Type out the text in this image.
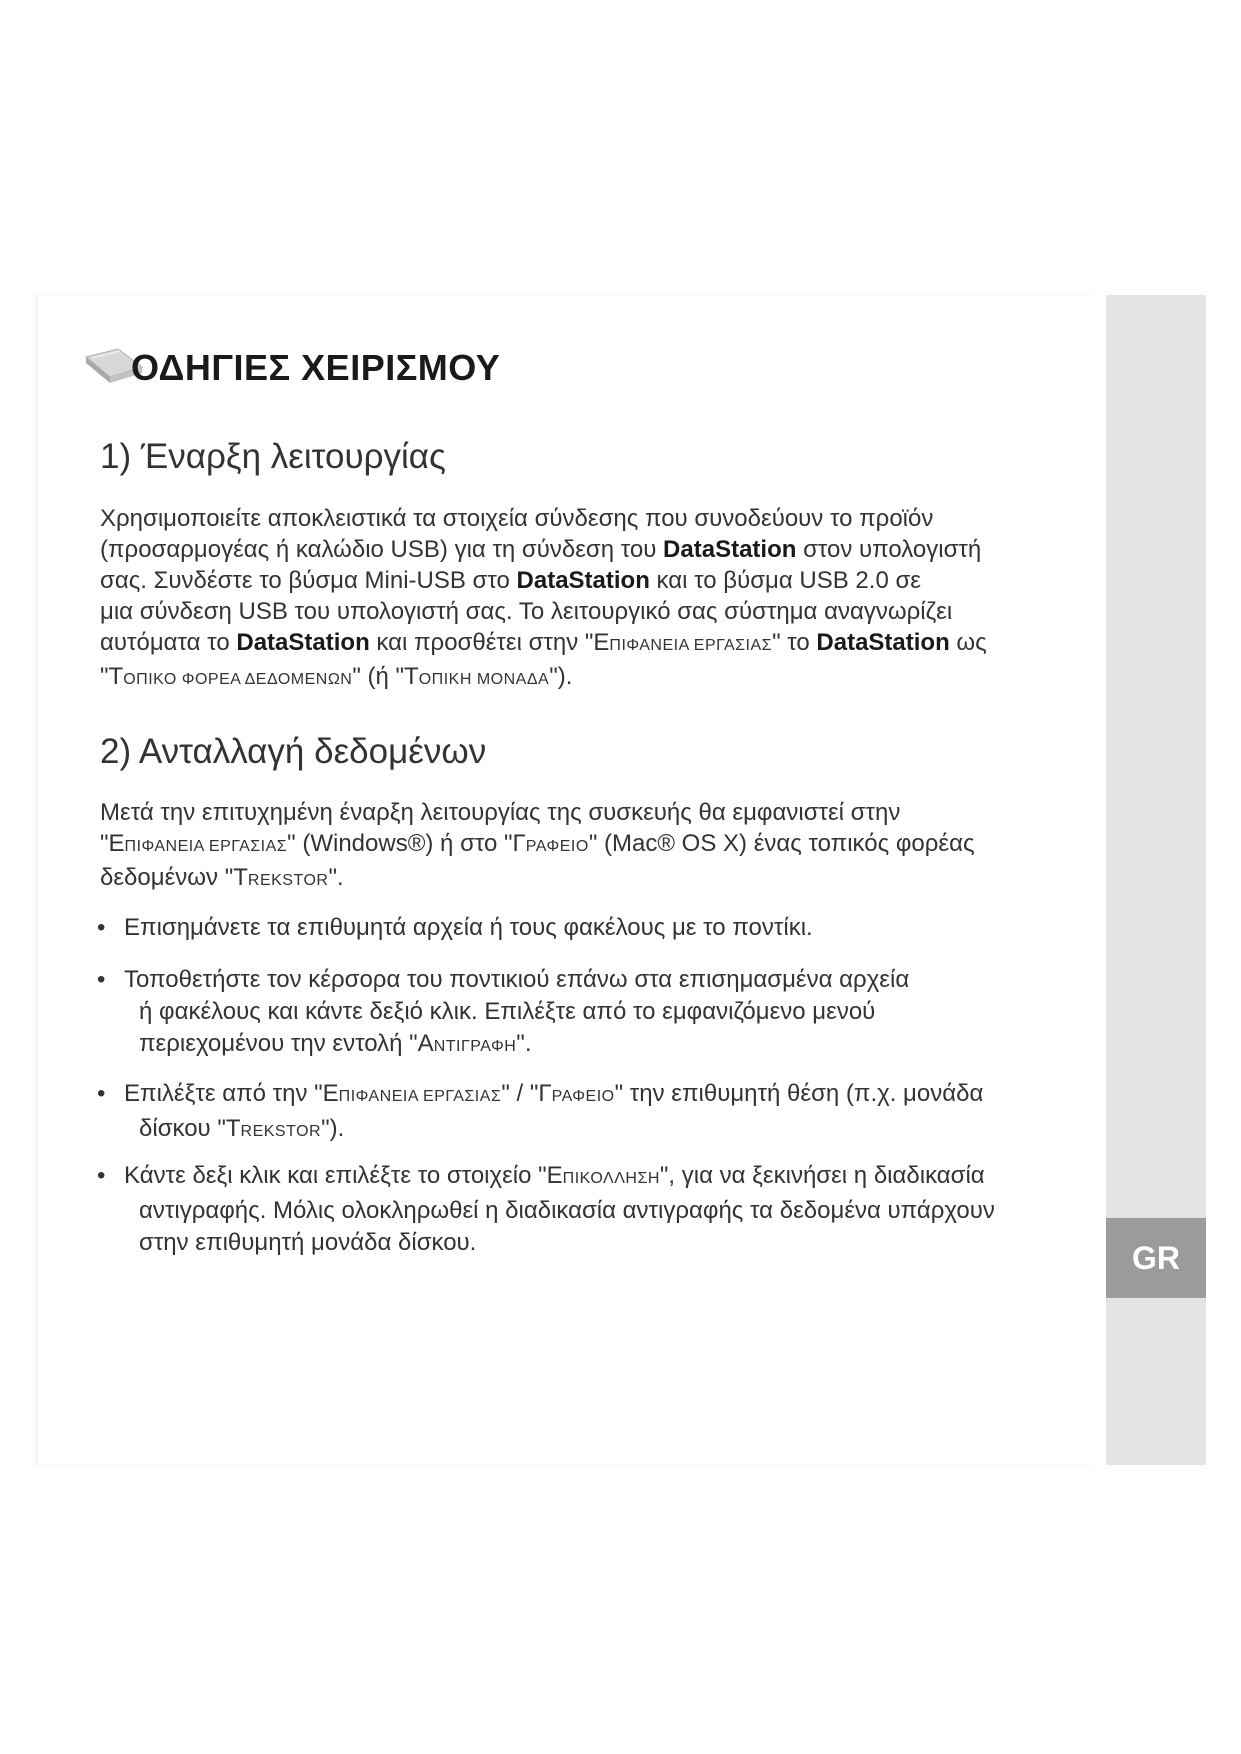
GR
ΟΔΗΓΙΕΣ ΧΕΙΡΙΣΜΟΥ
1) Έναρξη λειτουργίας

Χρησιμοποιείτε αποκλειστικά τα στοιχεία σύνδεσης που συνοδεύουν το προϊόν
(προσαρμογέας ή καλώδιο USB) για τη σύνδεση του DataStation στον υπολογιστή
σας. Συνδέστε το βύσμα Mini-USB στο DataStation και το βύσμα USB 2.0 σε
μια σύνδεση USB του υπολογιστή σας. Το λειτουργικό σας σύστημα αναγνωρίζει
αυτόματα το DataStation και προσθέτει στην "ΕΠΙΦΑΝΕΙΑ ΕΡΓΑΣΙΑΣ" το DataStation ως
"ΤΟΠΙΚΟ ΦΟΡΕΑ ΔΕΔΟΜΕΝΩΝ" (ή "ΤΟΠΙΚΗ ΜΟΝΑΔΑ").

2) Ανταλλαγή δεδομένων

Μετά την επιτυχημένη έναρξη λειτουργίας της συσκευής θα εμφανιστεί στην
"ΕΠΙΦΑΝΕΙΑ ΕΡΓΑΣΙΑΣ" (Windows®) ή στο "ΓΡΑΦΕΙΟ" (Mac® OS X) ένας τοπικός φορέας
δεδομένων "TREKSTOR".

• Επισημάνετε τα επιθυμητά αρχεία ή τους φακέλους με το ποντίκι.
• Τοποθετήστε τον κέρσορα του ποντικιού επάνω στα επισημασμένα αρχεία
ή φακέλους και κάντε δεξιό κλικ. Επιλέξτε από το εμφανιζόμενο μενού
περιεχομένου την εντολή "ΑΝΤΙΓΡΑΦΗ".
• Επιλέξτε από την "ΕΠΙΦΑΝΕΙΑ ΕΡΓΑΣΙΑΣ" / "ΓΡΑΦΕΙΟ" την επιθυμητή θέση (π.χ. μονάδα
δίσκου "TREKSTOR").
• Κάντε δεξι κλικ και επιλέξτε το στοιχείο "ΕΠΙΚΟΛΛΗΣΗ", για να ξεκινήσει η διαδικασία
αντιγραφής. Μόλις ολοκληρωθεί η διαδικασία αντιγραφής τα δεδομένα υπάρχουν
στην επιθυμητή μονάδα δίσκου.
